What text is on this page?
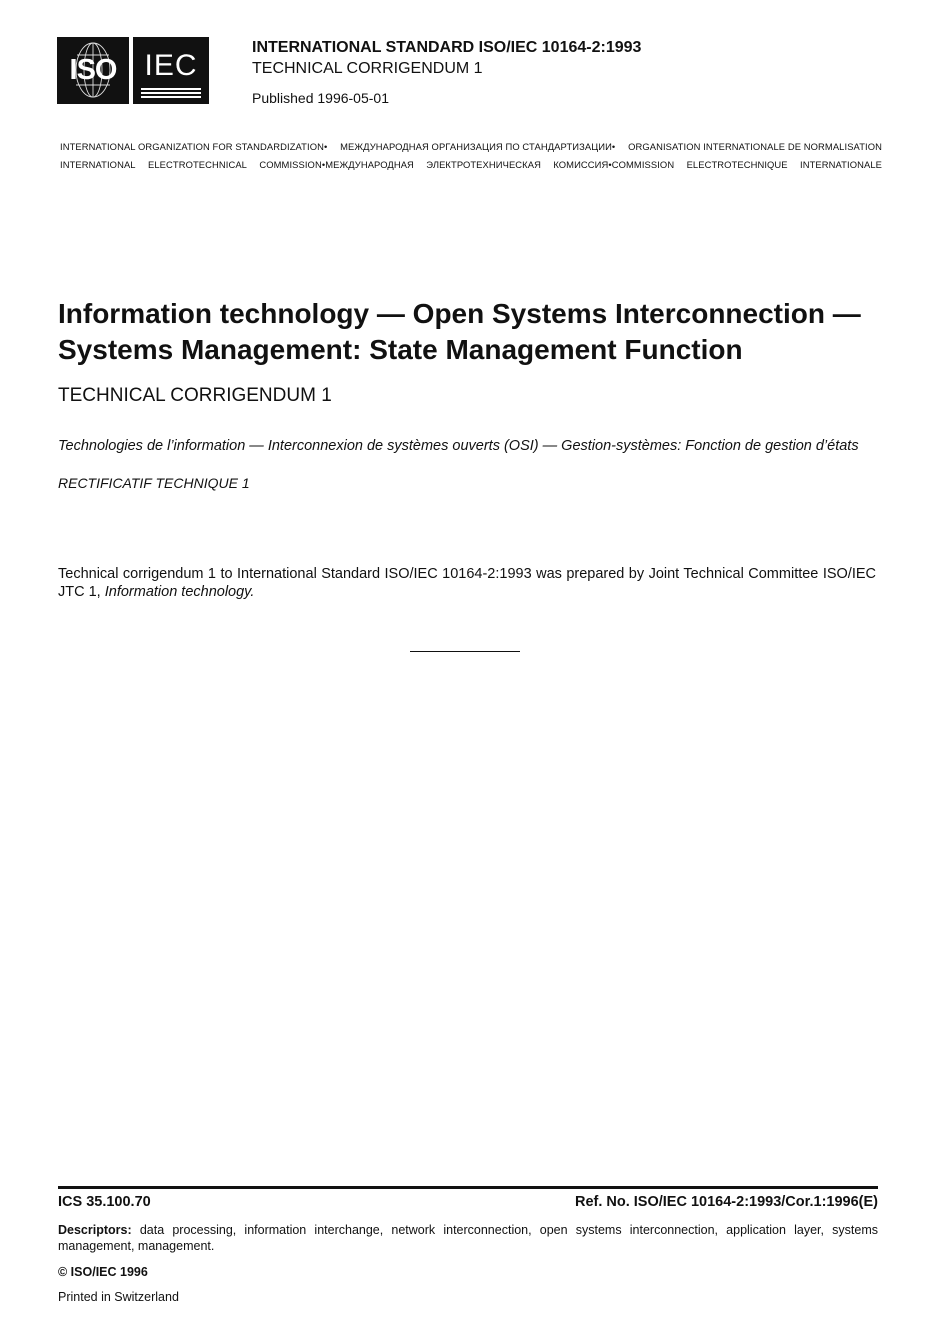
ISO IEC
INTERNATIONAL STANDARD ISO/IEC 10164-2:1993
TECHNICAL CORRIGENDUM 1
Published 1996-05-01
INTERNATIONAL ORGANIZATION FOR STANDARDIZATION• МЕЖДУНАРОДНАЯ ОРГАНИЗАЦИЯ ПО СТАНДАРТИЗАЦИИ• ORGANISATION INTERNATIONALE DE NORMALISATION
INTERNATIONAL ELECTROTECHNICAL COMMISSION•МЕЖДУНАРОДНАЯ ЭЛЕКТРОТЕХНИЧЕСКАЯ КОМИССИЯ•COMMISSION ELECTROTECHNIQUE INTERNATIONALE
Information technology — Open Systems Interconnection —
Systems Management: State Management Function
TECHNICAL CORRIGENDUM 1
Technologies de l’information — Interconnexion de systèmes ouverts (OSI) — Gestion-systèmes: Fonction de gestion d’états
RECTIFICATIF TECHNIQUE 1
Technical corrigendum 1 to International Standard ISO/IEC 10164-2:1993 was prepared by Joint Technical Committee ISO/IEC JTC 1, Information technology.
ICS 35.100.70	Ref. No. ISO/IEC 10164-2:1993/Cor.1:1996(E)
Descriptors: data processing, information interchange, network interconnection, open systems interconnection, application layer, systems management, management.
© ISO/IEC 1996
Printed in Switzerland
